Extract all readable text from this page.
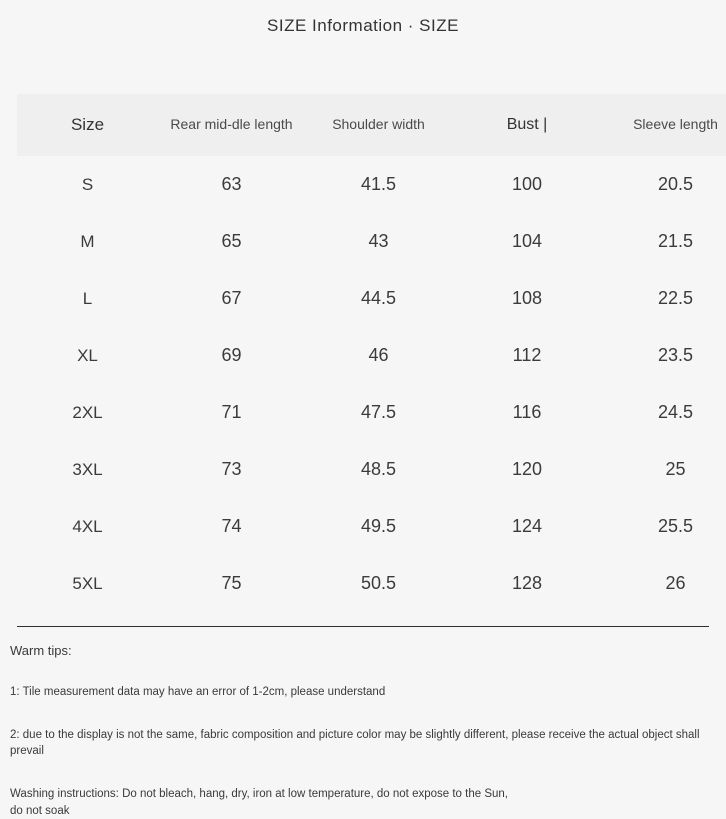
SIZE Information · SIZE
Size	Rear mid-dle length	Shoulder width	Bust |	Sleeve length
S	63	41.5	100	20.5
M	65	43	104	21.5
L	67	44.5	108	22.5
XL	69	46	112	23.5
2XL	71	47.5	116	24.5
3XL	73	48.5	120	25
4XL	74	49.5	124	25.5
5XL	75	50.5	128	26

Warm tips:

1: Tile measurement data may have an error of 1-2cm, please understand

2: due to the display is not the same, fabric composition and picture color may be slightly different, please receive the actual object shall prevail

Washing instructions: Do not bleach, hang, dry, iron at low temperature, do not expose to the Sun, do not soak
